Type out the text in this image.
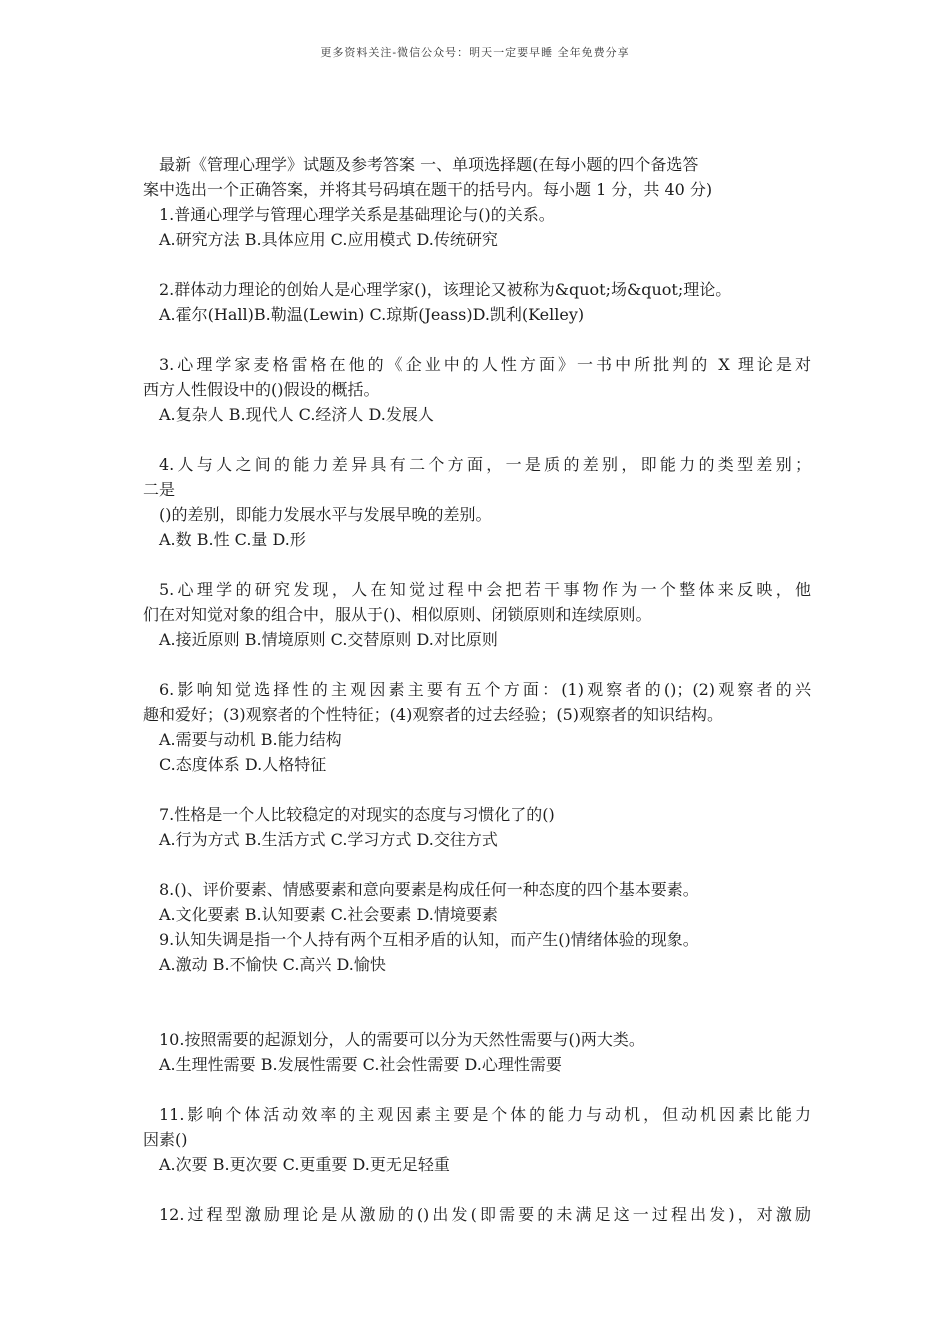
更多资料关注-微信公众号：明天一定要早睡 全年免费分享
最新《管理心理学》试题及参考答案 一、单项选择题(在每小题的四个备选答
案中选出一个正确答案，并将其号码填在题干的括号内。每小题 1 分，共 40 分)
1.普通心理学与管理心理学关系是基础理论与()的关系。
A.研究方法 B.具体应用 C.应用模式 D.传统研究
2.群体动力理论的创始人是心理学家()，该理论又被称为&quot;场&quot;理论。
A.霍尔(Hall)B.勒温(Lewin) C.琼斯(Jeass)D.凯利(Kelley)
3.心理学家麦格雷格在他的《企业中的人性方面》一书中所批判的 X 理论是对
西方人性假设中的()假设的概括。
A.复杂人 B.现代人 C.经济人 D.发展人
4.人与人之间的能力差异具有二个方面，一是质的差别，即能力的类型差别；
二是
()的差别，即能力发展水平与发展早晚的差别。
A.数 B.性 C.量 D.形
5.心理学的研究发现，人在知觉过程中会把若干事物作为一个整体来反映，他
们在对知觉对象的组合中，服从于()、相似原则、闭锁原则和连续原则。
A.接近原则 B.情境原则 C.交替原则 D.对比原则
6.影响知觉选择性的主观因素主要有五个方面：(1)观察者的()；(2)观察者的兴
趣和爱好；(3)观察者的个性特征；(4)观察者的过去经验；(5)观察者的知识结构。
A.需要与动机 B.能力结构
C.态度体系 D.人格特征
7.性格是一个人比较稳定的对现实的态度与习惯化了的()
A.行为方式 B.生活方式 C.学习方式 D.交往方式
8.()、评价要素、情感要素和意向要素是构成任何一种态度的四个基本要素。
A.文化要素 B.认知要素 C.社会要素 D.情境要素
9.认知失调是指一个人持有两个互相矛盾的认知，而产生()情绪体验的现象。
A.激动 B.不愉快 C.高兴 D.愉快
10.按照需要的起源划分，人的需要可以分为天然性需要与()两大类。
A.生理性需要 B.发展性需要 C.社会性需要 D.心理性需要
11.影响个体活动效率的主观因素主要是个体的能力与动机，但动机因素比能力
因素()
A.次要 B.更次要 C.更重要 D.更无足轻重
12.过程型激励理论是从激励的()出发(即需要的未满足这一过程出发)，对激励
